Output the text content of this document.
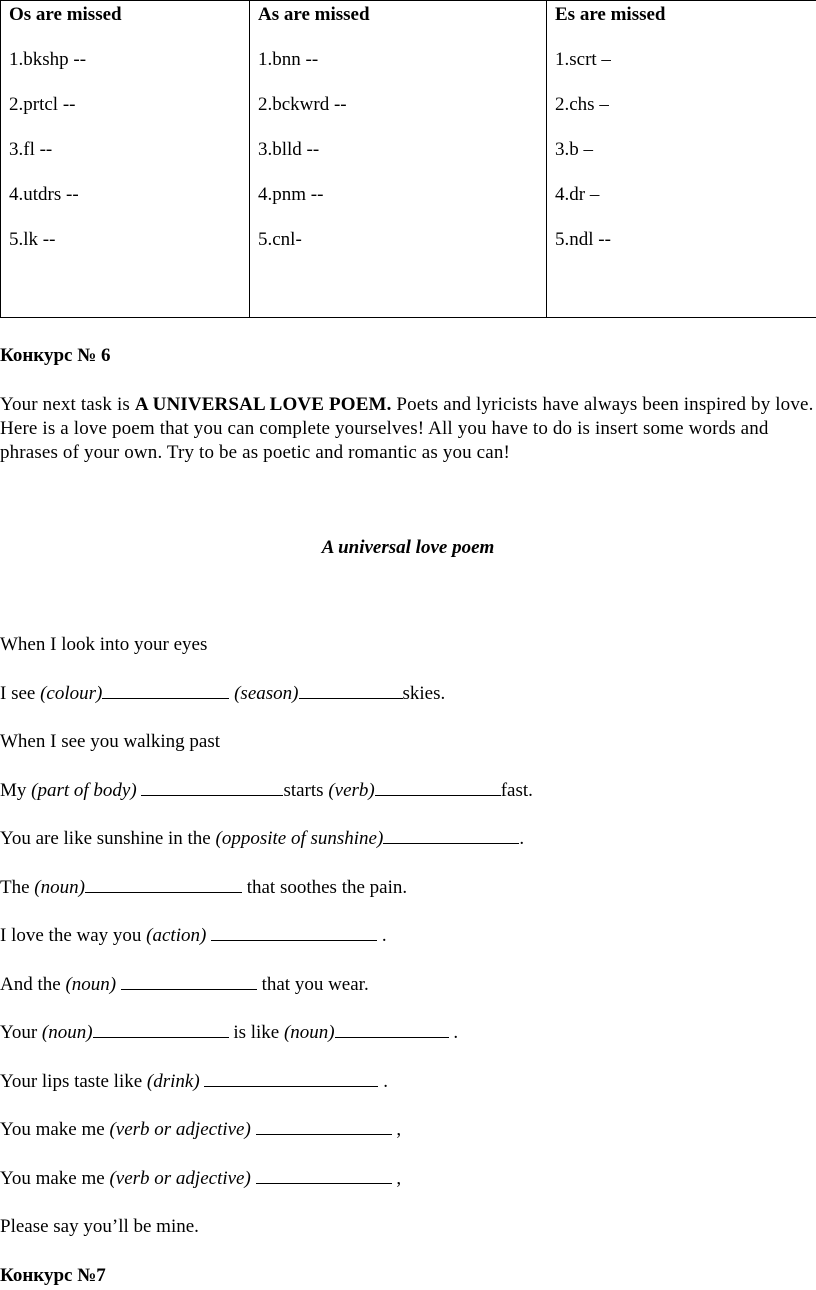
Os are missed
1.bkshp --
2.prtcl --
3.fl --
4.utdrs --
5.lk --

As are missed
1.bnn --
2.bckwrd --
3.blld --
4.pnm --
5.cnl-

Es are missed
1.scrt –
2.chs –
3.b –
4.dr –
5.ndl --
Конкурс № 6

Your next task is A UNIVERSAL LOVE POEM. Poets and lyricists have always been inspired by love. Here is a love poem that you can complete yourselves! All you have to do is insert some words and phrases of your own. Try to be as poetic and romantic as you can!

A universal love poem
When I look into your eyes
I see (colour)	(season)	skies.
When I see you walking past
My (part of body)	starts (verb)	fast.
You are like sunshine in the (opposite of sunshine)	.
The (noun)	that soothes the pain.
I love the way you (action)	.
And the (noun)	that you wear.
Your (noun)	is like (noun)	.
Your lips taste like (drink)	.
You make me (verb or adjective)	,
You make me (verb or adjective)	,
Please say you’ll be mine.
Конкурс №7
